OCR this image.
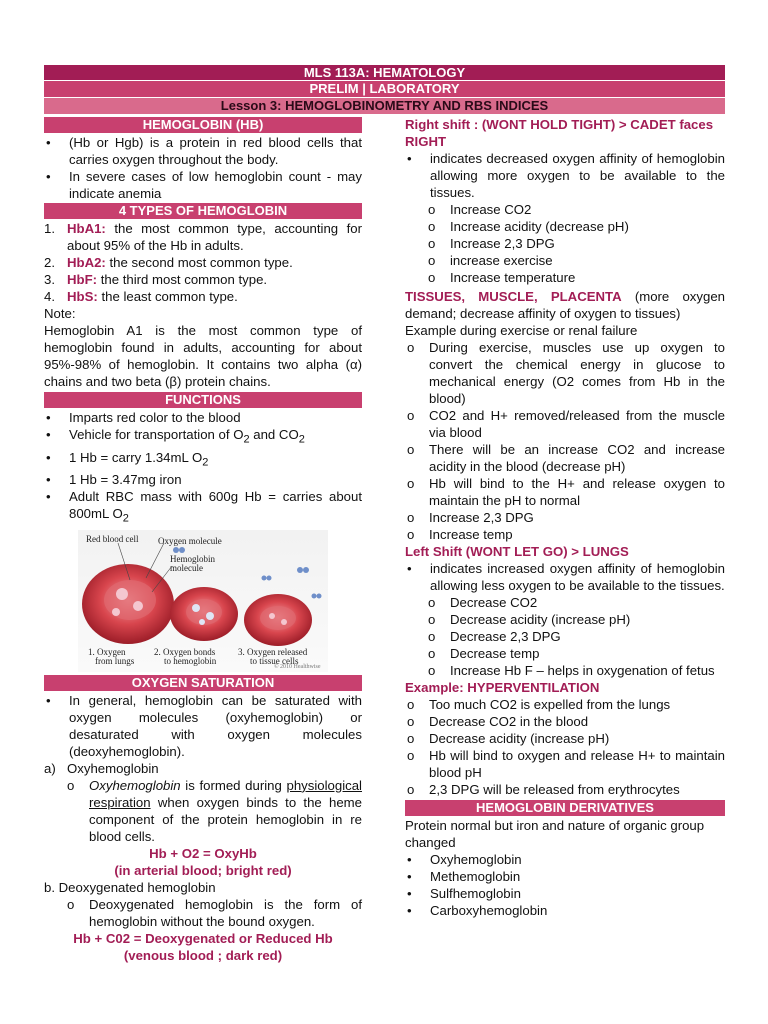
MLS 113A: HEMATOLOGY
PRELIM | LABORATORY
Lesson 3: HEMOGLOBINOMETRY AND RBS INDICES
HEMOGLOBIN (HB)
•	(Hb or Hgb) is a protein in red blood cells that carries oxygen throughout the body.
•	In severe cases of low hemoglobin count - may indicate anemia
4 TYPES OF HEMOGLOBIN
1. HbA1: the most common type, accounting for about 95% of the Hb in adults.
2. HbA2: the second most common type.
3. HbF: the third most common type.
4. HbS: the least common type.

Note:

Hemoglobin A1 is the most common type of hemoglobin found in adults, accounting for about 95%-98% of hemoglobin. It contains two alpha (α) chains and two beta (β) protein chains.

FUNCTIONS
•	Imparts red color to the blood
•	Vehicle for transportation of $O_2$ and $CO_2$
•	1 Hb = carry 1.34mL $O_2$
•	1 Hb = 3.47mg iron
•	Adult RBC mass with 600g Hb = carries about 800mL $O_2$
Red blood cell Oxygen molecule
Hemoglobin
molecule
1. Oxygen
from lungs
2. Oxygen bonds
to hemoglobin
3. Oxygen released
to tissue cells
© 2010 Healthwise
OXYGEN SATURATION
•	In general, hemoglobin can be saturated with oxygen molecules (oxyhemoglobin) or desaturated with oxygen molecules (deoxyhemoglobin).
a) Oxyhemoglobin
o	Oxyhemoglobin is formed during physiological respiration when oxygen binds to the heme component of the protein hemoglobin in re blood cells.
Hb + O2 = OxyHb
(in arterial blood; bright red)

b. Deoxygenated hemoglobin

o	Deoxygenated hemoglobin is the form of hemoglobin without the bound oxygen.
Hb + C02 = Deoxygenated or Reduced Hb
(venous blood ; dark red)
Right shift : (WONT HOLD TIGHT) > CADET faces RIGHT
•	indicates decreased oxygen affinity of hemoglobin allowing more oxygen to be available to the tissues.
o	Increase CO2
o	Increase acidity (decrease pH)
o	Increase 2,3 DPG
o	increase exercise
o	Increase temperature

TISSUES, MUSCLE, PLACENTA (more oxygen demand; decrease affinity of oxygen to tissues)

Example during exercise or renal failure

o	During exercise, muscles use up oxygen to convert the chemical energy in glucose to mechanical energy (O2 comes from Hb in the blood)
o	CO2 and H+ removed/released from the muscle via blood
o	There will be an increase CO2 and increase acidity in the blood (decrease pH)
o	Hb will bind to the H+ and release oxygen to maintain the pH to normal
o	Increase 2,3 DPG
o	Increase temp
Left Shift (WONT LET GO) > LUNGS
•	indicates increased oxygen affinity of hemoglobin allowing less oxygen to be available to the tissues.
o	Decrease CO2
o	Decrease acidity (increase pH)
o	Decrease 2,3 DPG
o	Decrease temp
o	Increase Hb F – helps in oxygenation of fetus
Example: HYPERVENTILATION
o	Too much CO2 is expelled from the lungs
o	Decrease CO2 in the blood
o	Decrease acidity (increase pH)
o	Hb will bind to oxygen and release H+ to maintain blood pH
o	2,3 DPG will be released from erythrocytes
HEMOGLOBIN DERIVATIVES

Protein normal but iron and nature of organic group changed

•	Oxyhemoglobin
•	Methemoglobin
•	Sulfhemoglobin
•	Carboxyhemoglobin
